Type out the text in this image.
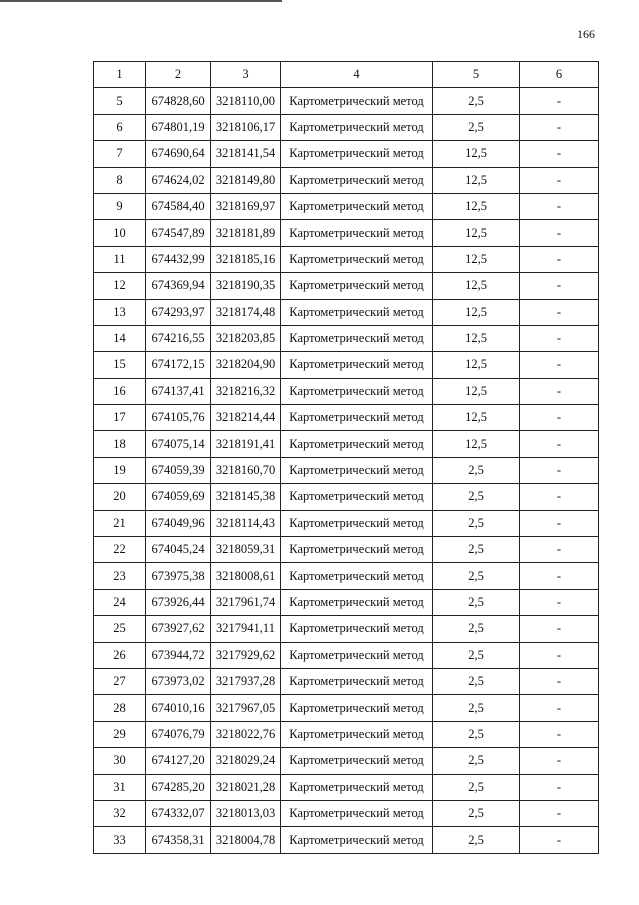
166
1	2	3	4	5	6
5	674828,60	3218110,00	Картометрический метод	2,5	-
6	674801,19	3218106,17	Картометрический метод	2,5	-
7	674690,64	3218141,54	Картометрический метод	12,5	-
8	674624,02	3218149,80	Картометрический метод	12,5	-
9	674584,40	3218169,97	Картометрический метод	12,5	-
10	674547,89	3218181,89	Картометрический метод	12,5	-
11	674432,99	3218185,16	Картометрический метод	12,5	-
12	674369,94	3218190,35	Картометрический метод	12,5	-
13	674293,97	3218174,48	Картометрический метод	12,5	-
14	674216,55	3218203,85	Картометрический метод	12,5	-
15	674172,15	3218204,90	Картометрический метод	12,5	-
16	674137,41	3218216,32	Картометрический метод	12,5	-
17	674105,76	3218214,44	Картометрический метод	12,5	-
18	674075,14	3218191,41	Картометрический метод	12,5	-
19	674059,39	3218160,70	Картометрический метод	2,5	-
20	674059,69	3218145,38	Картометрический метод	2,5	-
21	674049,96	3218114,43	Картометрический метод	2,5	-
22	674045,24	3218059,31	Картометрический метод	2,5	-
23	673975,38	3218008,61	Картометрический метод	2,5	-
24	673926,44	3217961,74	Картометрический метод	2,5	-
25	673927,62	3217941,11	Картометрический метод	2,5	-
26	673944,72	3217929,62	Картометрический метод	2,5	-
27	673973,02	3217937,28	Картометрический метод	2,5	-
28	674010,16	3217967,05	Картометрический метод	2,5	-
29	674076,79	3218022,76	Картометрический метод	2,5	-
30	674127,20	3218029,24	Картометрический метод	2,5	-
31	674285,20	3218021,28	Картометрический метод	2,5	-
32	674332,07	3218013,03	Картометрический метод	2,5	-
33	674358,31	3218004,78	Картометрический метод	2,5	-
